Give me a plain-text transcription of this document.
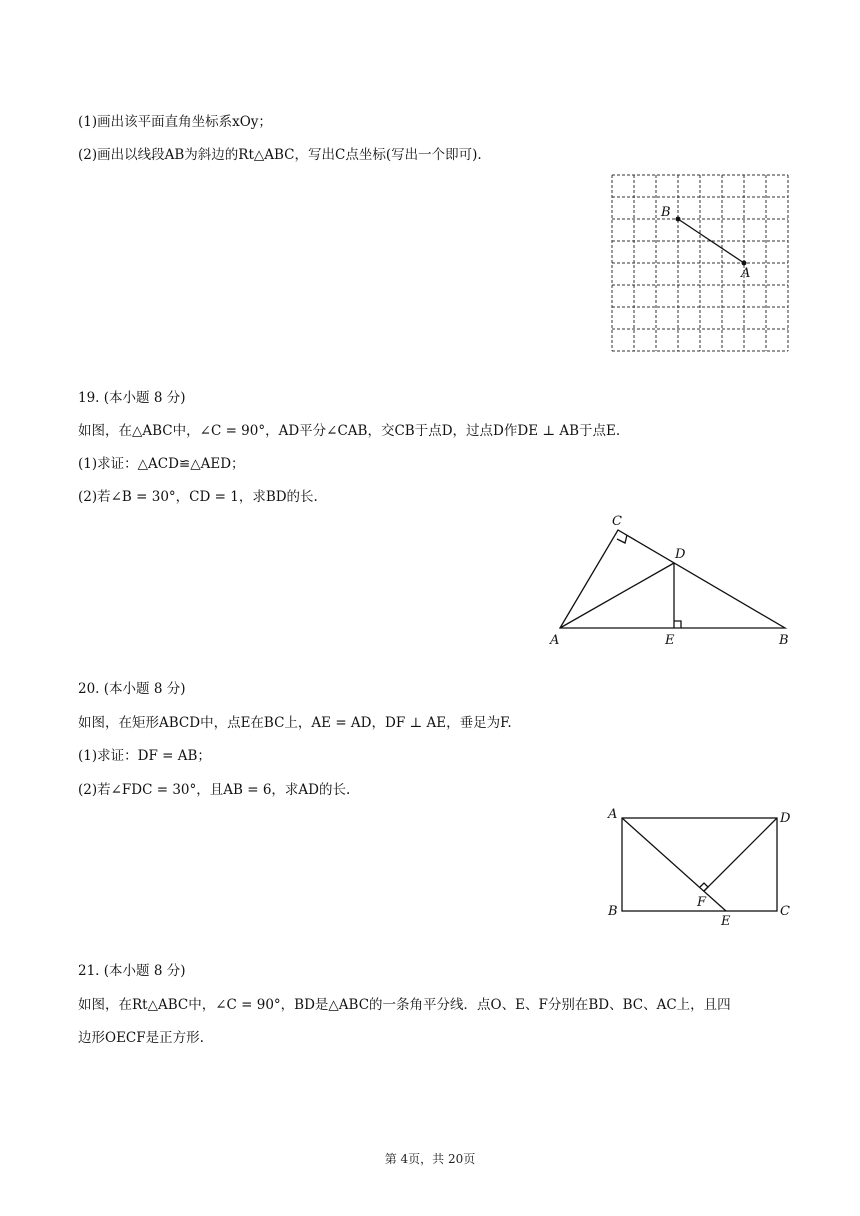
(1)画出该平面直角坐标系xOy；
(2)画出以线段AB为斜边的Rt△ABC，写出C点坐标(写出一个即可).
B
A
19. (本小题 8 分)
如图，在△ABC中，∠C = 90°，AD平分∠CAB，交CB于点D，过点D作DE ⊥ AB于点E.
(1)求证：△ACD≌△AED；
(2)若∠B = 30°，CD = 1，求BD的长.
C
D
A	E	B
20. (本小题 8 分)
如图，在矩形ABCD中，点E在BC上，AE = AD，DF ⊥ AE，垂足为F.
(1)求证：DF = AB；
(2)若∠FDC = 30°，且AB = 6，求AD的长.
A	D
B	C
F
E
21. (本小题 8 分)
如图，在Rt△ABC中，∠C = 90°，BD是△ABC的一条角平分线．点O、E、F分别在BD、BC、AC上，且四
边形OECF是正方形.
第 4页，共 20页
